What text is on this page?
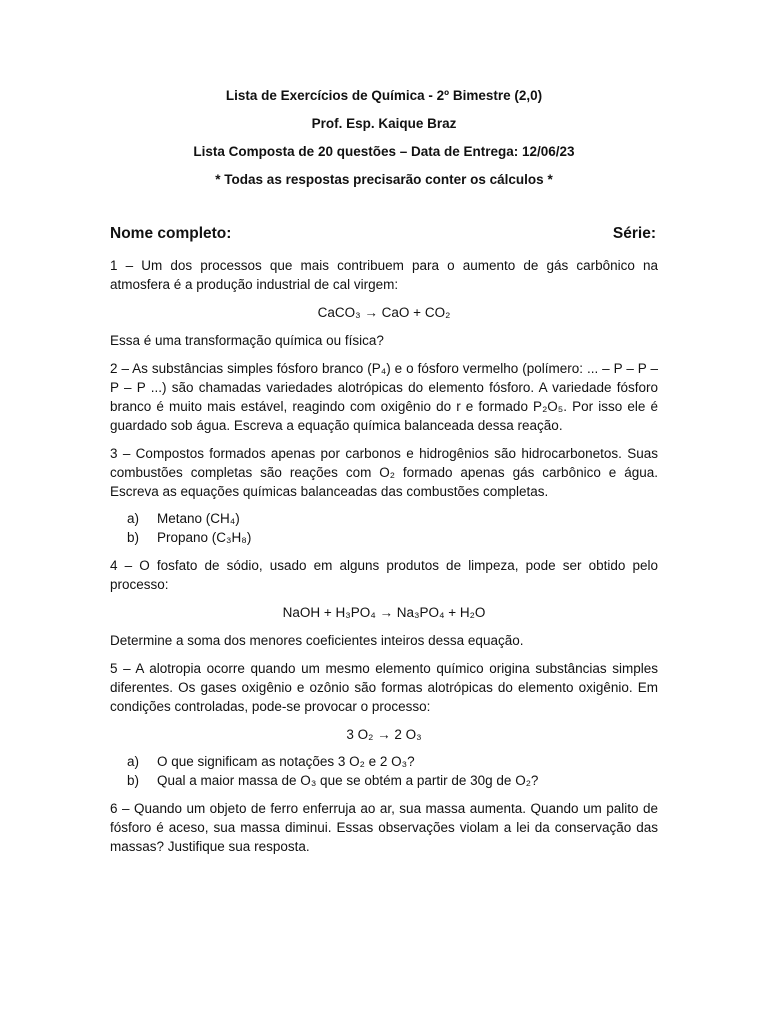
Lista de Exercícios de Química - 2º Bimestre (2,0)

Prof. Esp. Kaique Braz

Lista Composta de 20 questões – Data de Entrega: 12/06/23

* Todas as respostas precisarão conter os cálculos *

Nome completo:	Série:

1 – Um dos processos que mais contribuem para o aumento de gás carbônico na atmosfera é a produção industrial de cal virgem:

CaCO₃ → CaO + CO₂

Essa é uma transformação química ou física?

2 – As substâncias simples fósforo branco (P₄) e o fósforo vermelho (polímero: ... – P – P – P – P ...) são chamadas variedades alotrópicas do elemento fósforo. A variedade fósforo branco é muito mais estável, reagindo com oxigênio do r e formado P₂O₅. Por isso ele é guardado sob água. Escreva a equação química balanceada dessa reação.

3 – Compostos formados apenas por carbonos e hidrogênios são hidrocarbonetos. Suas combustões completas são reações com O₂ formado apenas gás carbônico e água. Escreva as equações químicas balanceadas das combustões completas.

a)	Metano (CH₄)
b)	Propano (C₃H₈)

4 – O fosfato de sódio, usado em alguns produtos de limpeza, pode ser obtido pelo processo:

NaOH + H₃PO₄ → Na₃PO₄ + H₂O

Determine a soma dos menores coeficientes inteiros dessa equação.

5 – A alotropia ocorre quando um mesmo elemento químico origina substâncias simples diferentes. Os gases oxigênio e ozônio são formas alotrópicas do elemento oxigênio. Em condições controladas, pode-se provocar o processo:

3 O₂ → 2 O₃

a)	O que significam as notações 3 O₂ e 2 O₃?
b)	Qual a maior massa de O₃ que se obtém a partir de 30g de O₂?

6 – Quando um objeto de ferro enferruja ao ar, sua massa aumenta. Quando um palito de fósforo é aceso, sua massa diminui. Essas observações violam a lei da conservação das massas? Justifique sua resposta.
